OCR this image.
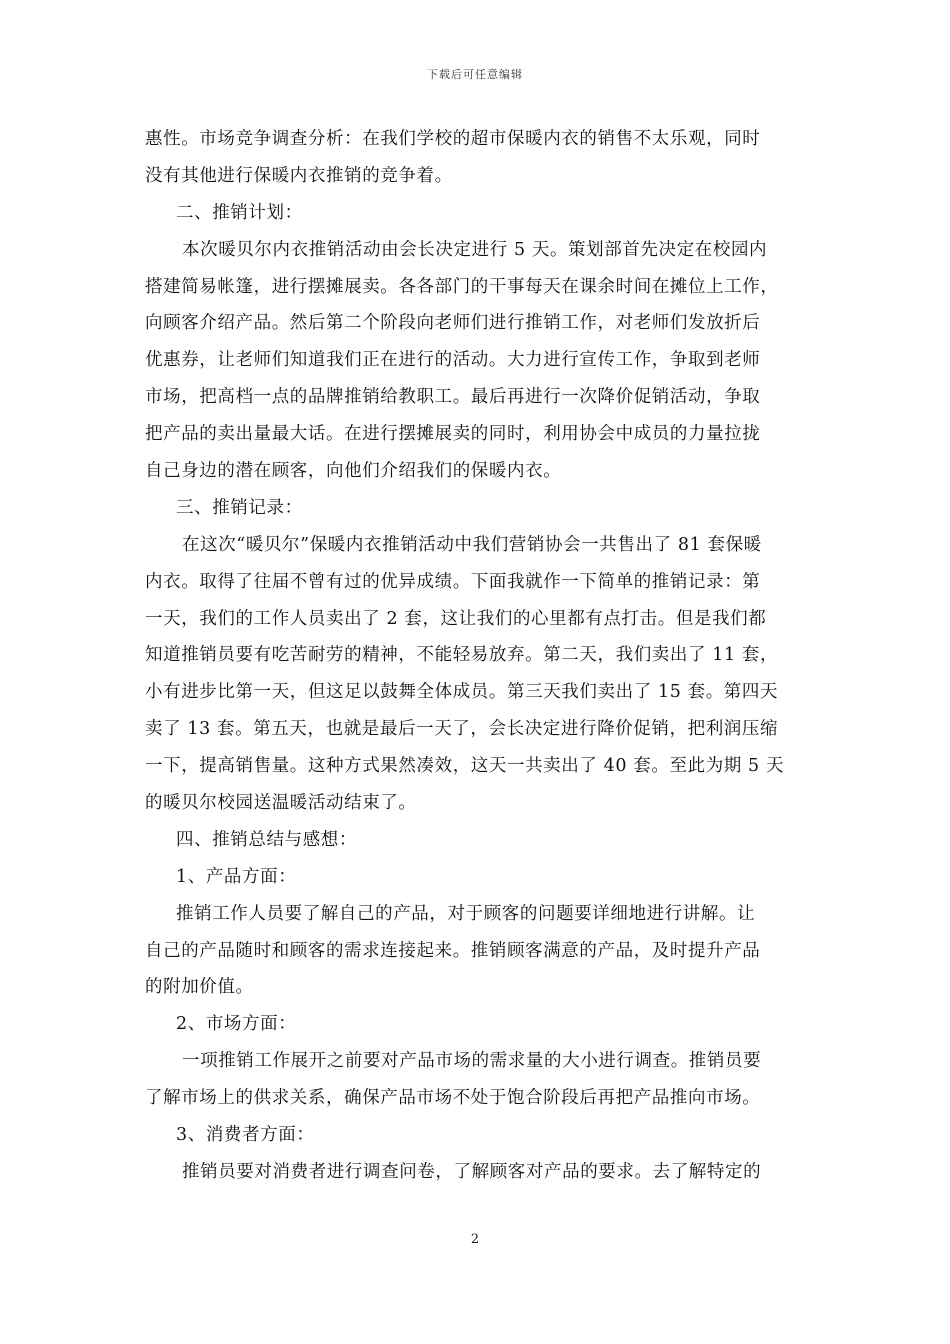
下载后可任意编辑
惠性。市场竞争调查分析：在我们学校的超市保暖内衣的销售不太乐观，同时
没有其他进行保暖内衣推销的竞争着。
二、推销计划：
本次暖贝尔内衣推销活动由会长决定进行 5 天。策划部首先决定在校园内
搭建简易帐篷，进行摆摊展卖。各各部门的干事每天在课余时间在摊位上工作，
向顾客介绍产品。然后第二个阶段向老师们进行推销工作，对老师们发放折后
优惠券，让老师们知道我们正在进行的活动。大力进行宣传工作，争取到老师
市场，把高档一点的品牌推销给教职工。最后再进行一次降价促销活动，争取
把产品的卖出量最大话。在进行摆摊展卖的同时，利用协会中成员的力量拉拢
自己身边的潜在顾客，向他们介绍我们的保暖内衣。
三、推销记录：
在这次“暖贝尔”保暖内衣推销活动中我们营销协会一共售出了 81 套保暖
内衣。取得了往届不曾有过的优异成绩。下面我就作一下简单的推销记录：第
一天，我们的工作人员卖出了 2 套，这让我们的心里都有点打击。但是我们都
知道推销员要有吃苦耐劳的精神，不能轻易放弃。第二天，我们卖出了 11 套，
小有进步比第一天，但这足以鼓舞全体成员。第三天我们卖出了 15 套。第四天
卖了 13 套。第五天，也就是最后一天了，会长决定进行降价促销，把利润压缩
一下，提高销售量。这种方式果然凑效，这天一共卖出了 40 套。至此为期 5 天
的暖贝尔校园送温暖活动结束了。
四、推销总结与感想：
1、产品方面：
推销工作人员要了解自己的产品，对于顾客的问题要详细地进行讲解。让
自己的产品随时和顾客的需求连接起来。推销顾客满意的产品，及时提升产品
的附加价值。
2、市场方面：
一项推销工作展开之前要对产品市场的需求量的大小进行调查。推销员要
了解市场上的供求关系，确保产品市场不处于饱合阶段后再把产品推向市场。
3、消费者方面：
推销员要对消费者进行调查问卷，了解顾客对产品的要求。去了解特定的
2
